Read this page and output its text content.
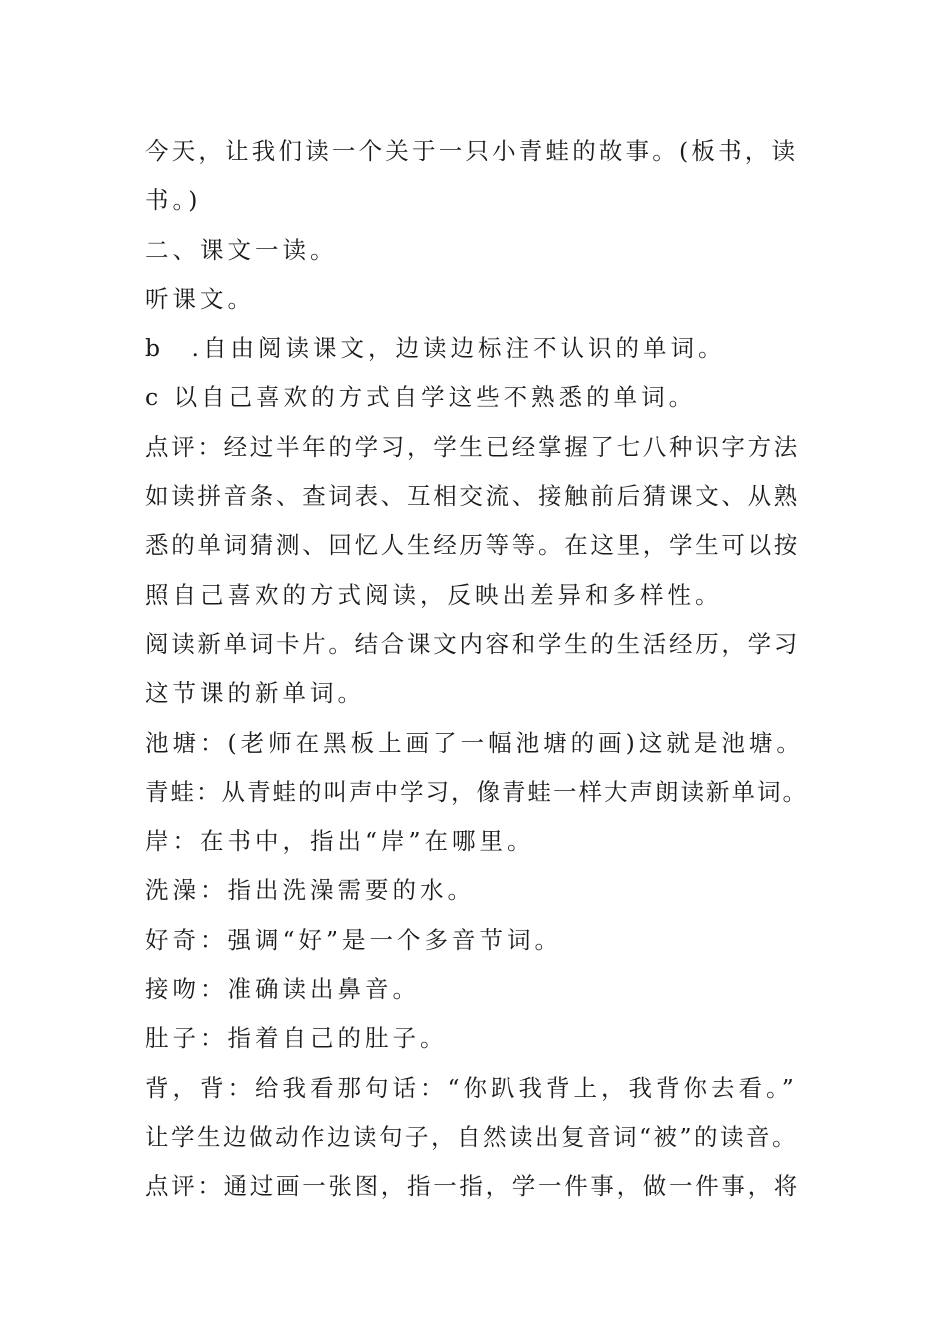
今天，让我们读一个关于一只小青蛙的故事。(板书，读
书。)
二、课文一读。
听课文。
b　.自由阅读课文，边读边标注不认识的单词。
c 以自己喜欢的方式自学这些不熟悉的单词。
点评：经过半年的学习，学生已经掌握了七八种识字方法
如读拼音条、查词表、互相交流、接触前后猜课文、从熟
悉的单词猜测、回忆人生经历等等。在这里，学生可以按
照自己喜欢的方式阅读，反映出差异和多样性。
阅读新单词卡片。结合课文内容和学生的生活经历，学习
这节课的新单词。
池塘：(老师在黑板上画了一幅池塘的画)这就是池塘。
青蛙：从青蛙的叫声中学习，像青蛙一样大声朗读新单词。
岸：在书中，指出“岸”在哪里。
洗澡：指出洗澡需要的水。
好奇：强调“好”是一个多音节词。
接吻：准确读出鼻音。
肚子：指着自己的肚子。
背，背：给我看那句话：“你趴我背上，我背你去看。”
让学生边做动作边读句子，自然读出复音词“被”的读音。
点评：通过画一张图，指一指，学一件事，做一件事，将
